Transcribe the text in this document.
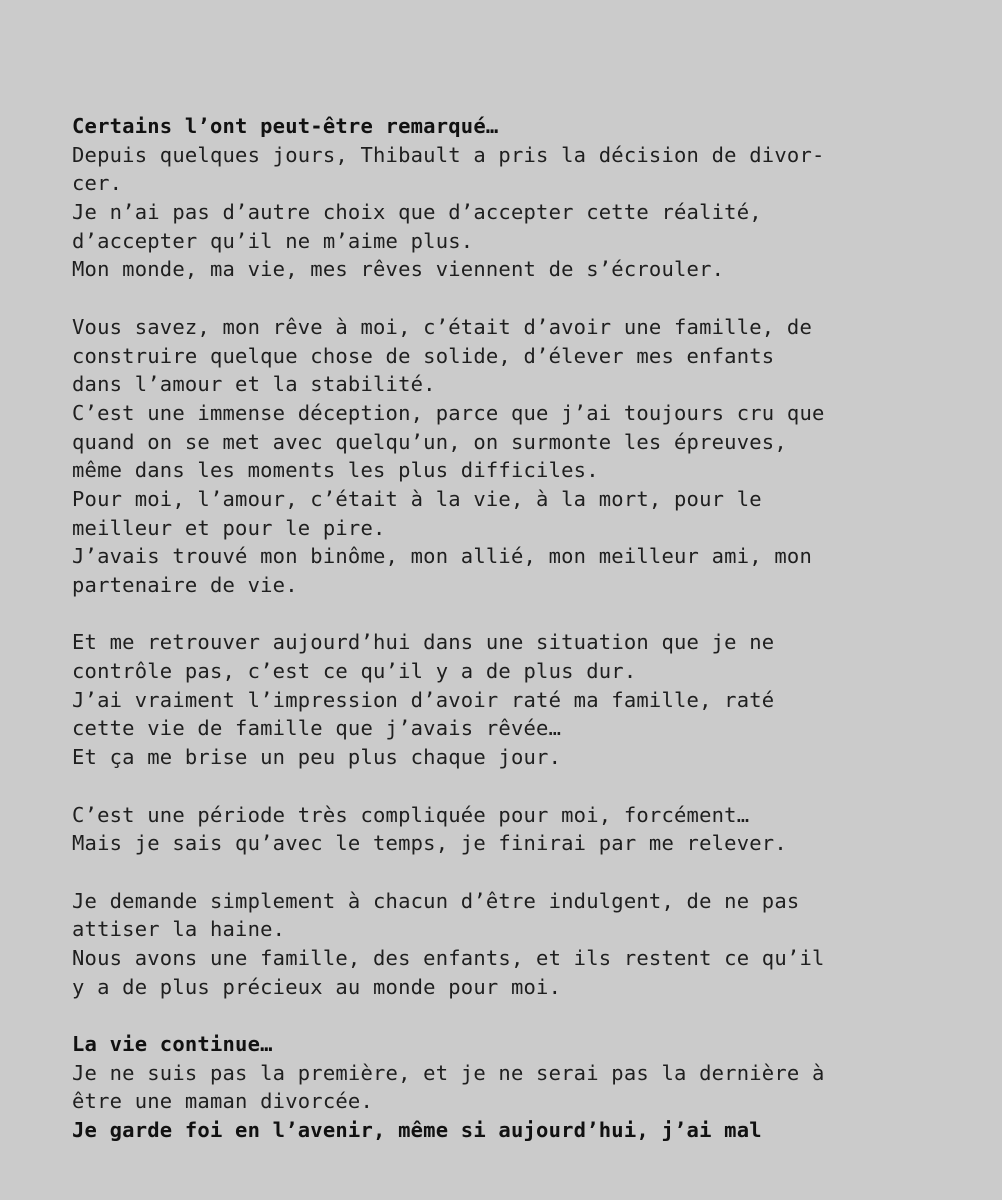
Certains l’ont peut-être remarqué…
Depuis quelques jours, Thibault a pris la décision de divor-
cer.
Je n’ai pas d’autre choix que d’accepter cette réalité,
d’accepter qu’il ne m’aime plus.
Mon monde, ma vie, mes rêves viennent de s’écrouler.
Vous savez, mon rêve à moi, c’était d’avoir une famille, de
construire quelque chose de solide, d’élever mes enfants
dans l’amour et la stabilité.
C’est une immense déception, parce que j’ai toujours cru que
quand on se met avec quelqu’un, on surmonte les épreuves,
même dans les moments les plus difficiles.
Pour moi, l’amour, c’était à la vie, à la mort, pour le
meilleur et pour le pire.
J’avais trouvé mon binôme, mon allié, mon meilleur ami, mon
partenaire de vie.
Et me retrouver aujourd’hui dans une situation que je ne
contrôle pas, c’est ce qu’il y a de plus dur.
J’ai vraiment l’impression d’avoir raté ma famille, raté
cette vie de famille que j’avais rêvée…
Et ça me brise un peu plus chaque jour.
C’est une période très compliquée pour moi, forcément…
Mais je sais qu’avec le temps, je finirai par me relever.
Je demande simplement à chacun d’être indulgent, de ne pas
attiser la haine.
Nous avons une famille, des enfants, et ils restent ce qu’il
y a de plus précieux au monde pour moi.
La vie continue…
Je ne suis pas la première, et je ne serai pas la dernière à
être une maman divorcée.
Je garde foi en l’avenir, même si aujourd’hui, j’ai mal
